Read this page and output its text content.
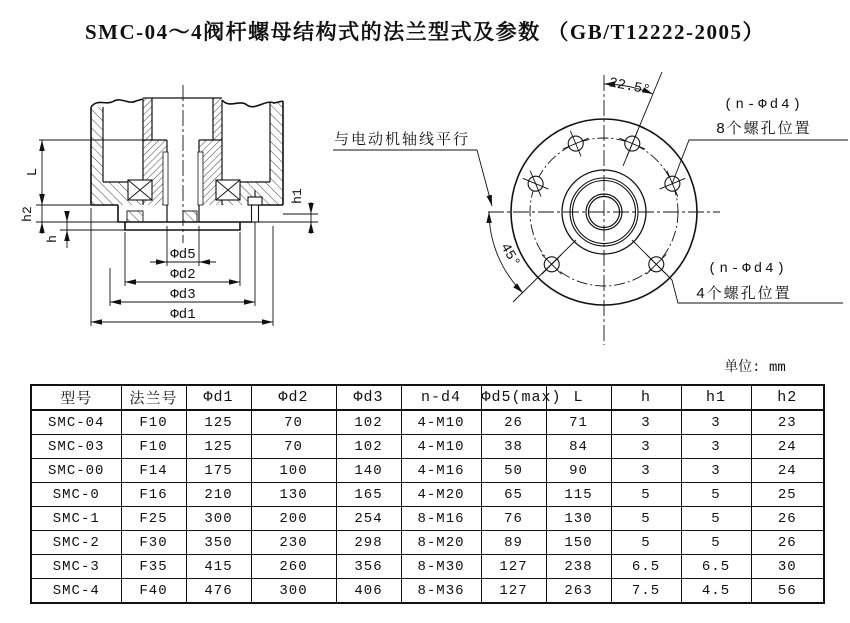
SMC-04～4阀杆螺母结构式的法兰型式及参数 （GB/T12222-2005）
L
h2
h
h1
Φd5
Φd2
Φd3
Φd1
22.5°
45°
与电动机轴线平行
(n-Φd4)
8个螺孔位置
(n-Φd4)
4个螺孔位置
单位: mm
型号	法兰号	Φd1	Φd2	Φd3	n-d4	Φd5(max)	L	h	h1	h2
SMC-04	F10	125	70	102	4-M10	26	71	3	3	23
SMC-03	F10	125	70	102	4-M10	38	84	3	3	24
SMC-00	F14	175	100	140	4-M16	50	90	3	3	24
SMC-0	F16	210	130	165	4-M20	65	115	5	5	25
SMC-1	F25	300	200	254	8-M16	76	130	5	5	26
SMC-2	F30	350	230	298	8-M20	89	150	5	5	26
SMC-3	F35	415	260	356	8-M30	127	238	6.5	6.5	30
SMC-4	F40	476	300	406	8-M36	127	263	7.5	4.5	56
